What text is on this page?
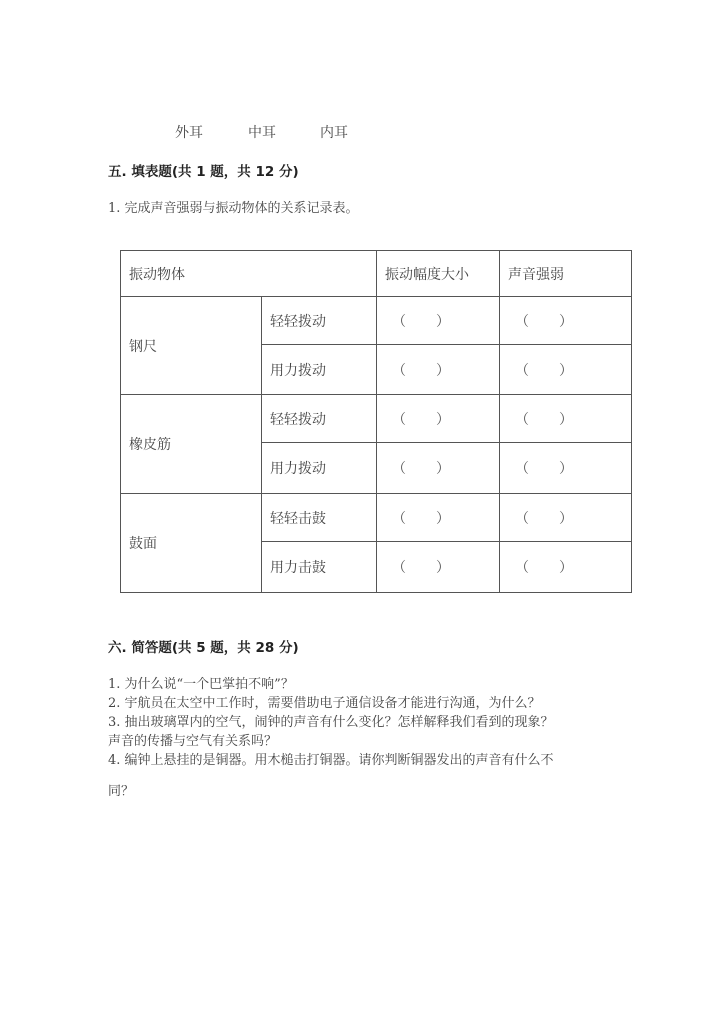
外耳	中耳	内耳
五. 填表题(共 1 题，共 12 分)
1. 完成声音强弱与振动物体的关系记录表。
振动物体		振动幅度大小	声音强弱
钢尺	轻轻拨动	（ ）	（ ）

	用力拨动	（ ）	（ ）

橡皮筋	轻轻拨动	（ ）	（ ）

	用力拨动	（ ）	（ ）

鼓面	轻轻击鼓	（ ）	（ ）

	用力击鼓	（ ）	（ ）
六. 简答题(共 5 题，共 28 分)
1. 为什么说“一个巴掌拍不响”？
2. 宇航员在太空中工作时，需要借助电子通信设备才能进行沟通，为什么？
3. 抽出玻璃罩内的空气，闹钟的声音有什么变化？怎样解释我们看到的现象？
声音的传播与空气有关系吗？
4. 编钟上悬挂的是铜器。用木槌击打铜器。请你判断铜器发出的声音有什么不
同？
